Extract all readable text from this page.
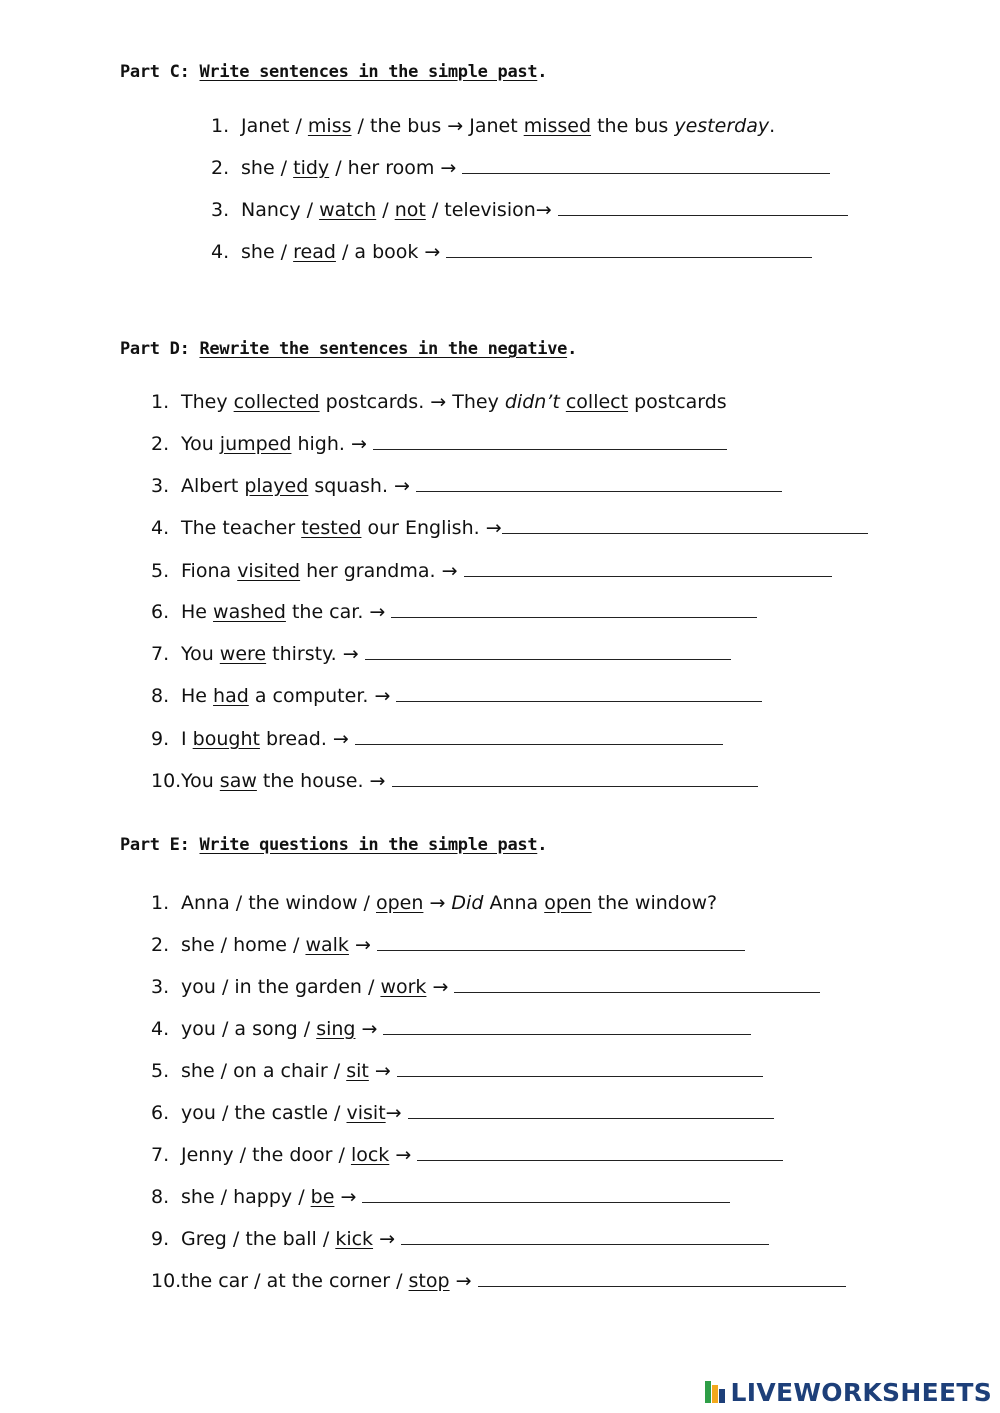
Part C: Write sentences in the simple past.
1. Janet / miss / the bus → Janet missed the bus yesterday.
2. she / tidy / her room →
3. Nancy / watch / not / television→
4. she / read / a book →
Part D: Rewrite the sentences in the negative.
1. They collected postcards. → They didn’t collect postcards
2. You jumped high. →
3. Albert played squash. →
4. The teacher tested our English. →
5. Fiona visited her grandma. →
6. He washed the car. →
7. You were thirsty. →
8. He had a computer. →
9. I bought bread. →
10. You saw the house. →
Part E: Write questions in the simple past.
1. Anna / the window / open → Did Anna open the window?
2. she / home / walk →
3. you / in the garden / work →
4. you / a song / sing →
5. she / on a chair / sit →
6. you / the castle / visit→
7. Jenny / the door / lock →
8. she / happy / be →
9. Greg / the ball / kick →
10. the car / at the corner / stop →
LIVEWORKSHEETS
